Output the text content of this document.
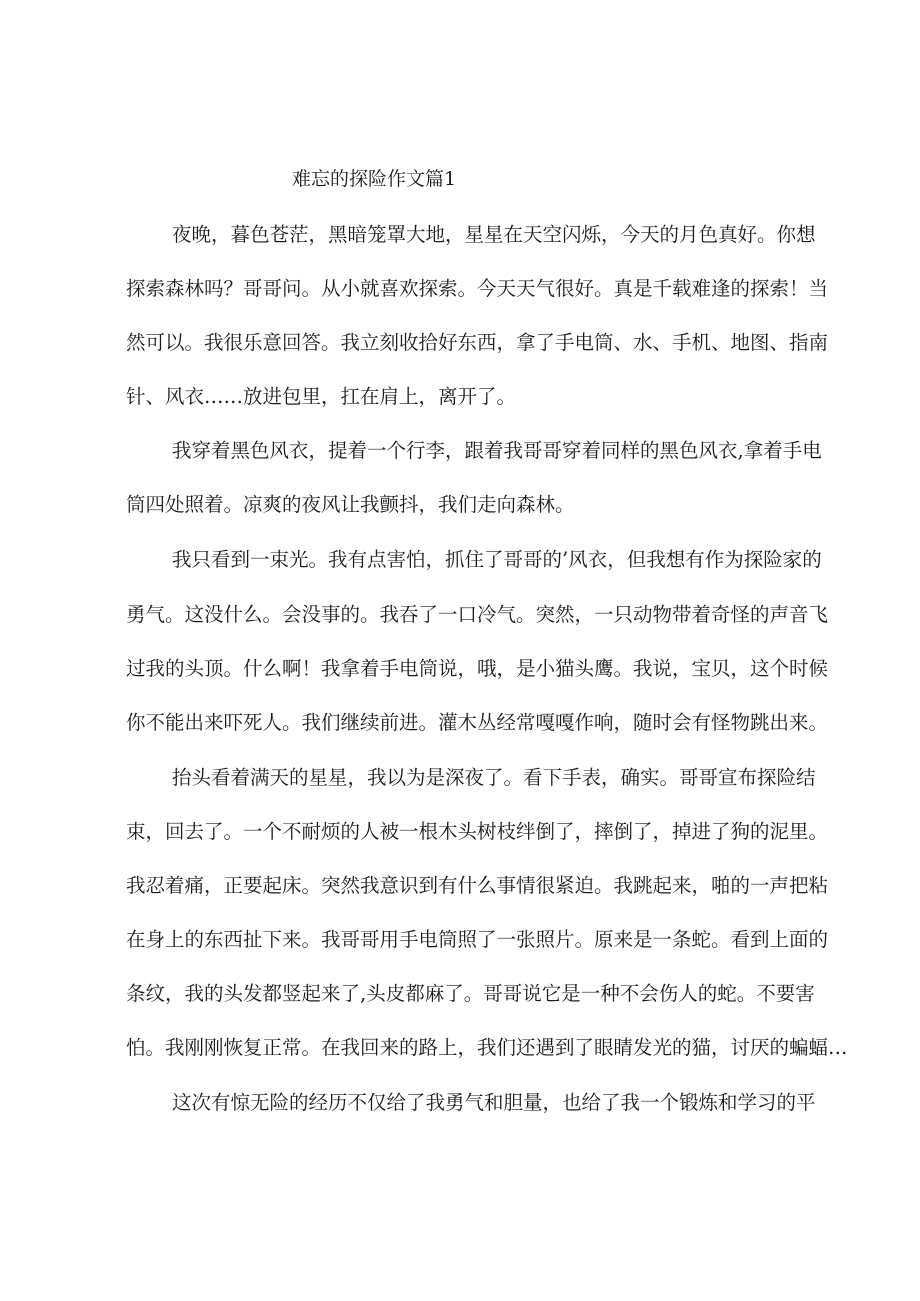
难忘的探险作文篇1
夜晚，暮色苍茫，黑暗笼罩大地，星星在天空闪烁，今天的月色真好。你想
探索森林吗？哥哥问。从小就喜欢探索。今天天气很好。真是千载难逢的探索！当
然可以。我很乐意回答。我立刻收拾好东西，拿了手电筒、水、手机、地图、指南
针、风衣……放进包里，扛在肩上，离开了。
我穿着黑色风衣，提着一个行李，跟着我哥哥穿着同样的黑色风衣,拿着手电
筒四处照着。凉爽的夜风让我颤抖，我们走向森林。
我只看到一束光。我有点害怕，抓住了哥哥的’风衣，但我想有作为探险家的
勇气。这没什么。会没事的。我吞了一口冷气。突然，一只动物带着奇怪的声音飞
过我的头顶。什么啊！我拿着手电筒说，哦，是小猫头鹰。我说，宝贝，这个时候
你不能出来吓死人。我们继续前进。灌木丛经常嘎嘎作响，随时会有怪物跳出来。
抬头看着满天的星星，我以为是深夜了。看下手表，确实。哥哥宣布探险结
束，回去了。一个不耐烦的人被一根木头树枝绊倒了，摔倒了，掉进了狗的泥里。
我忍着痛，正要起床。突然我意识到有什么事情很紧迫。我跳起来，啪的一声把粘
在身上的东西扯下来。我哥哥用手电筒照了一张照片。原来是一条蛇。看到上面的
条纹，我的头发都竖起来了,头皮都麻了。哥哥说它是一种不会伤人的蛇。不要害
怕。我刚刚恢复正常。在我回来的路上，我们还遇到了眼睛发光的猫，讨厌的蝙蝠…
这次有惊无险的经历不仅给了我勇气和胆量，也给了我一个锻炼和学习的平
